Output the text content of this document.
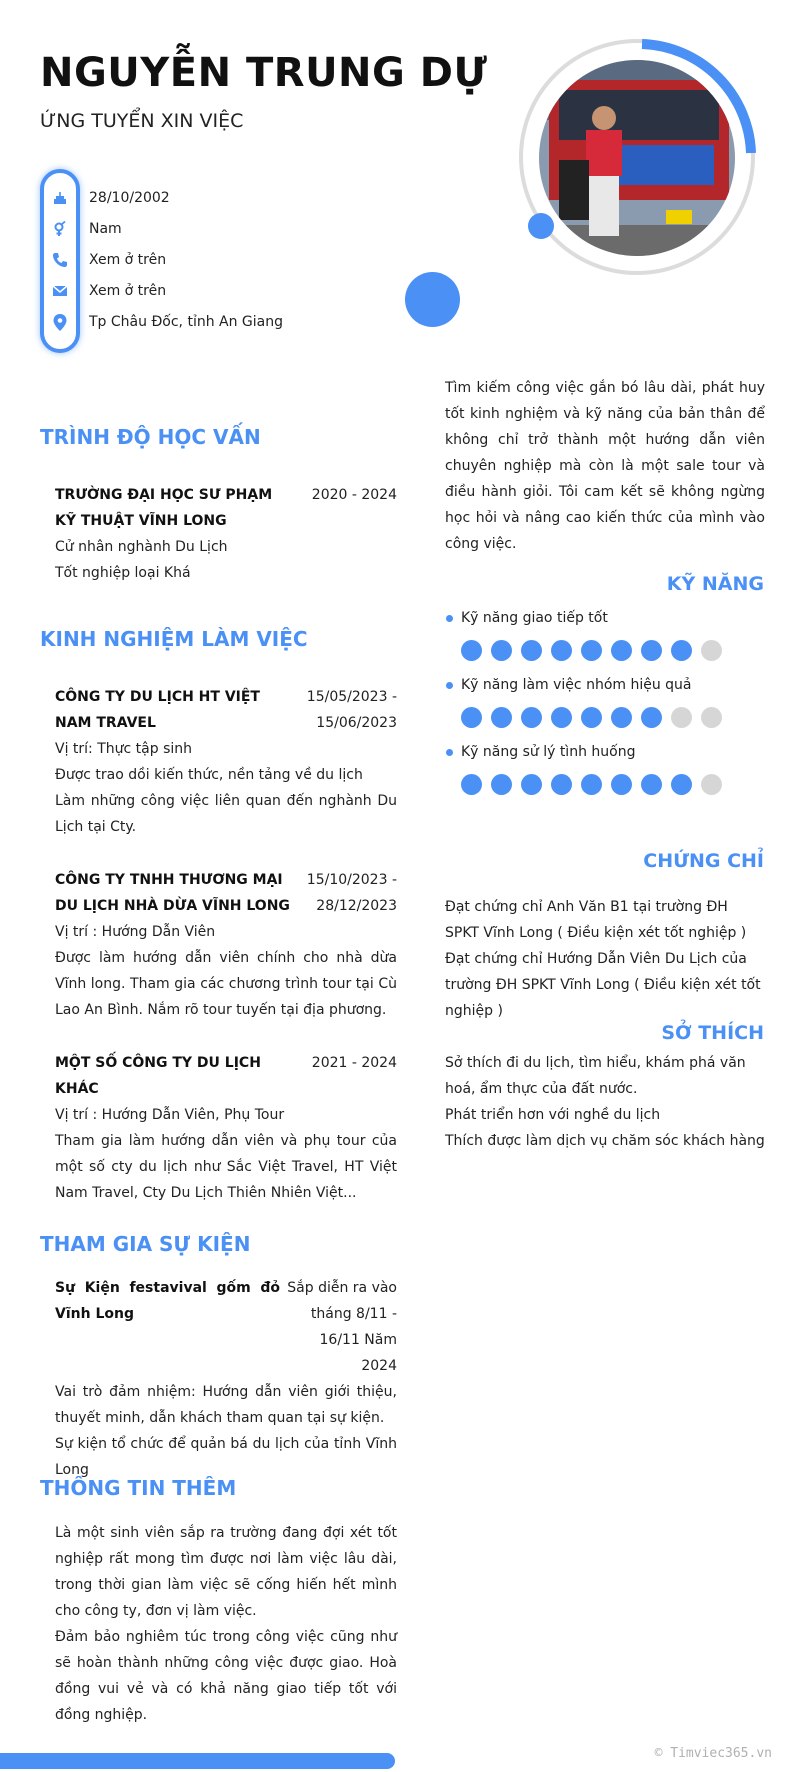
NGUYỄN TRUNG DỰ
ỨNG TUYỂN XIN VIỆC
28/10/2002
Nam
Xem ở trên
Xem ở trên
Tp Châu Đốc, tỉnh An Giang
TRÌNH ĐỘ HỌC VẤN
TRƯỜNG ĐẠI HỌC SƯ PHẠM KỸ THUẬT VĨNH LONG
2020 - 2024
Cử nhân nghành Du Lịch
Tốt nghiệp loại Khá
KINH NGHIỆM LÀM VIỆC
CÔNG TY DU LỊCH HT VIỆT NAM TRAVEL
15/05/2023 -
15/06/2023
Vị trí: Thực tập sinh
Được trao dồi kiến thức, nền tảng về du lịch
Làm những công việc liên quan đến nghành Du Lịch tại Cty.
CÔNG TY TNHH THƯƠNG MẠI DU LỊCH NHÀ DỪA VĨNH LONG
15/10/2023 -
28/12/2023
Vị trí : Hướng Dẫn Viên
Được làm hướng dẫn viên chính cho nhà dừa Vĩnh long. Tham gia các chương trình tour tại Cù Lao An Bình. Nắm rõ tour tuyến tại địa phương.
MỘT SỐ CÔNG TY DU LỊCH KHÁC
2021 - 2024
Vị trí : Hướng Dẫn Viên, Phụ Tour
Tham gia làm hướng dẫn viên và phụ tour của một số cty du lịch như Sắc Việt Travel, HT Việt Nam Travel, Cty Du Lịch Thiên Nhiên Việt...
THAM GIA SỰ KIỆN
Sự Kiện festavival gốm đỏ Vĩnh Long
Sắp diễn ra vào
tháng 8/11 -
16/11 Năm
2024
Vai trò đảm nhiệm: Hướng dẫn viên giới thiệu, thuyết minh, dẫn khách tham quan tại sự kiện.
Sự kiện tổ chức để quản bá du lịch của tỉnh Vĩnh Long
THÔNG TIN THÊM
Là một sinh viên sắp ra trường đang đợi xét tốt nghiệp rất mong tìm được nơi làm việc lâu dài, trong thời gian làm việc sẽ cống hiến hết mình cho công ty, đơn vị làm việc.
Đảm bảo nghiêm túc trong công việc cũng như sẽ hoàn thành những công việc được giao. Hoà đồng vui vẻ và có khả năng giao tiếp tốt với đồng nghiệp.
Tìm kiếm công việc gắn bó lâu dài, phát huy tốt kinh nghiệm và kỹ năng của bản thân để không chỉ trở thành một hướng dẫn viên chuyên nghiệp mà còn là một sale tour và điều hành giỏi. Tôi cam kết sẽ không ngừng học hỏi và nâng cao kiến thức của mình vào công việc.
KỸ NĂNG
Kỹ năng giao tiếp tốt
Kỹ năng làm việc nhóm hiệu quả
Kỹ năng sử lý tình huống
CHỨNG CHỈ
Đạt chứng chỉ Anh Văn B1 tại trường ĐH SPKT Vĩnh Long ( Điều kiện xét tốt nghiệp )
Đạt chứng chỉ Hướng Dẫn Viên Du Lịch của trường ĐH SPKT Vĩnh Long ( Điều kiện xét tốt nghiệp )
SỞ THÍCH
Sở thích đi du lịch, tìm hiểu, khám phá văn hoá, ẩm thực của đất nước.
Phát triển hơn với nghề du lịch
Thích được làm dịch vụ chăm sóc khách hàng
© Timviec365.vn
